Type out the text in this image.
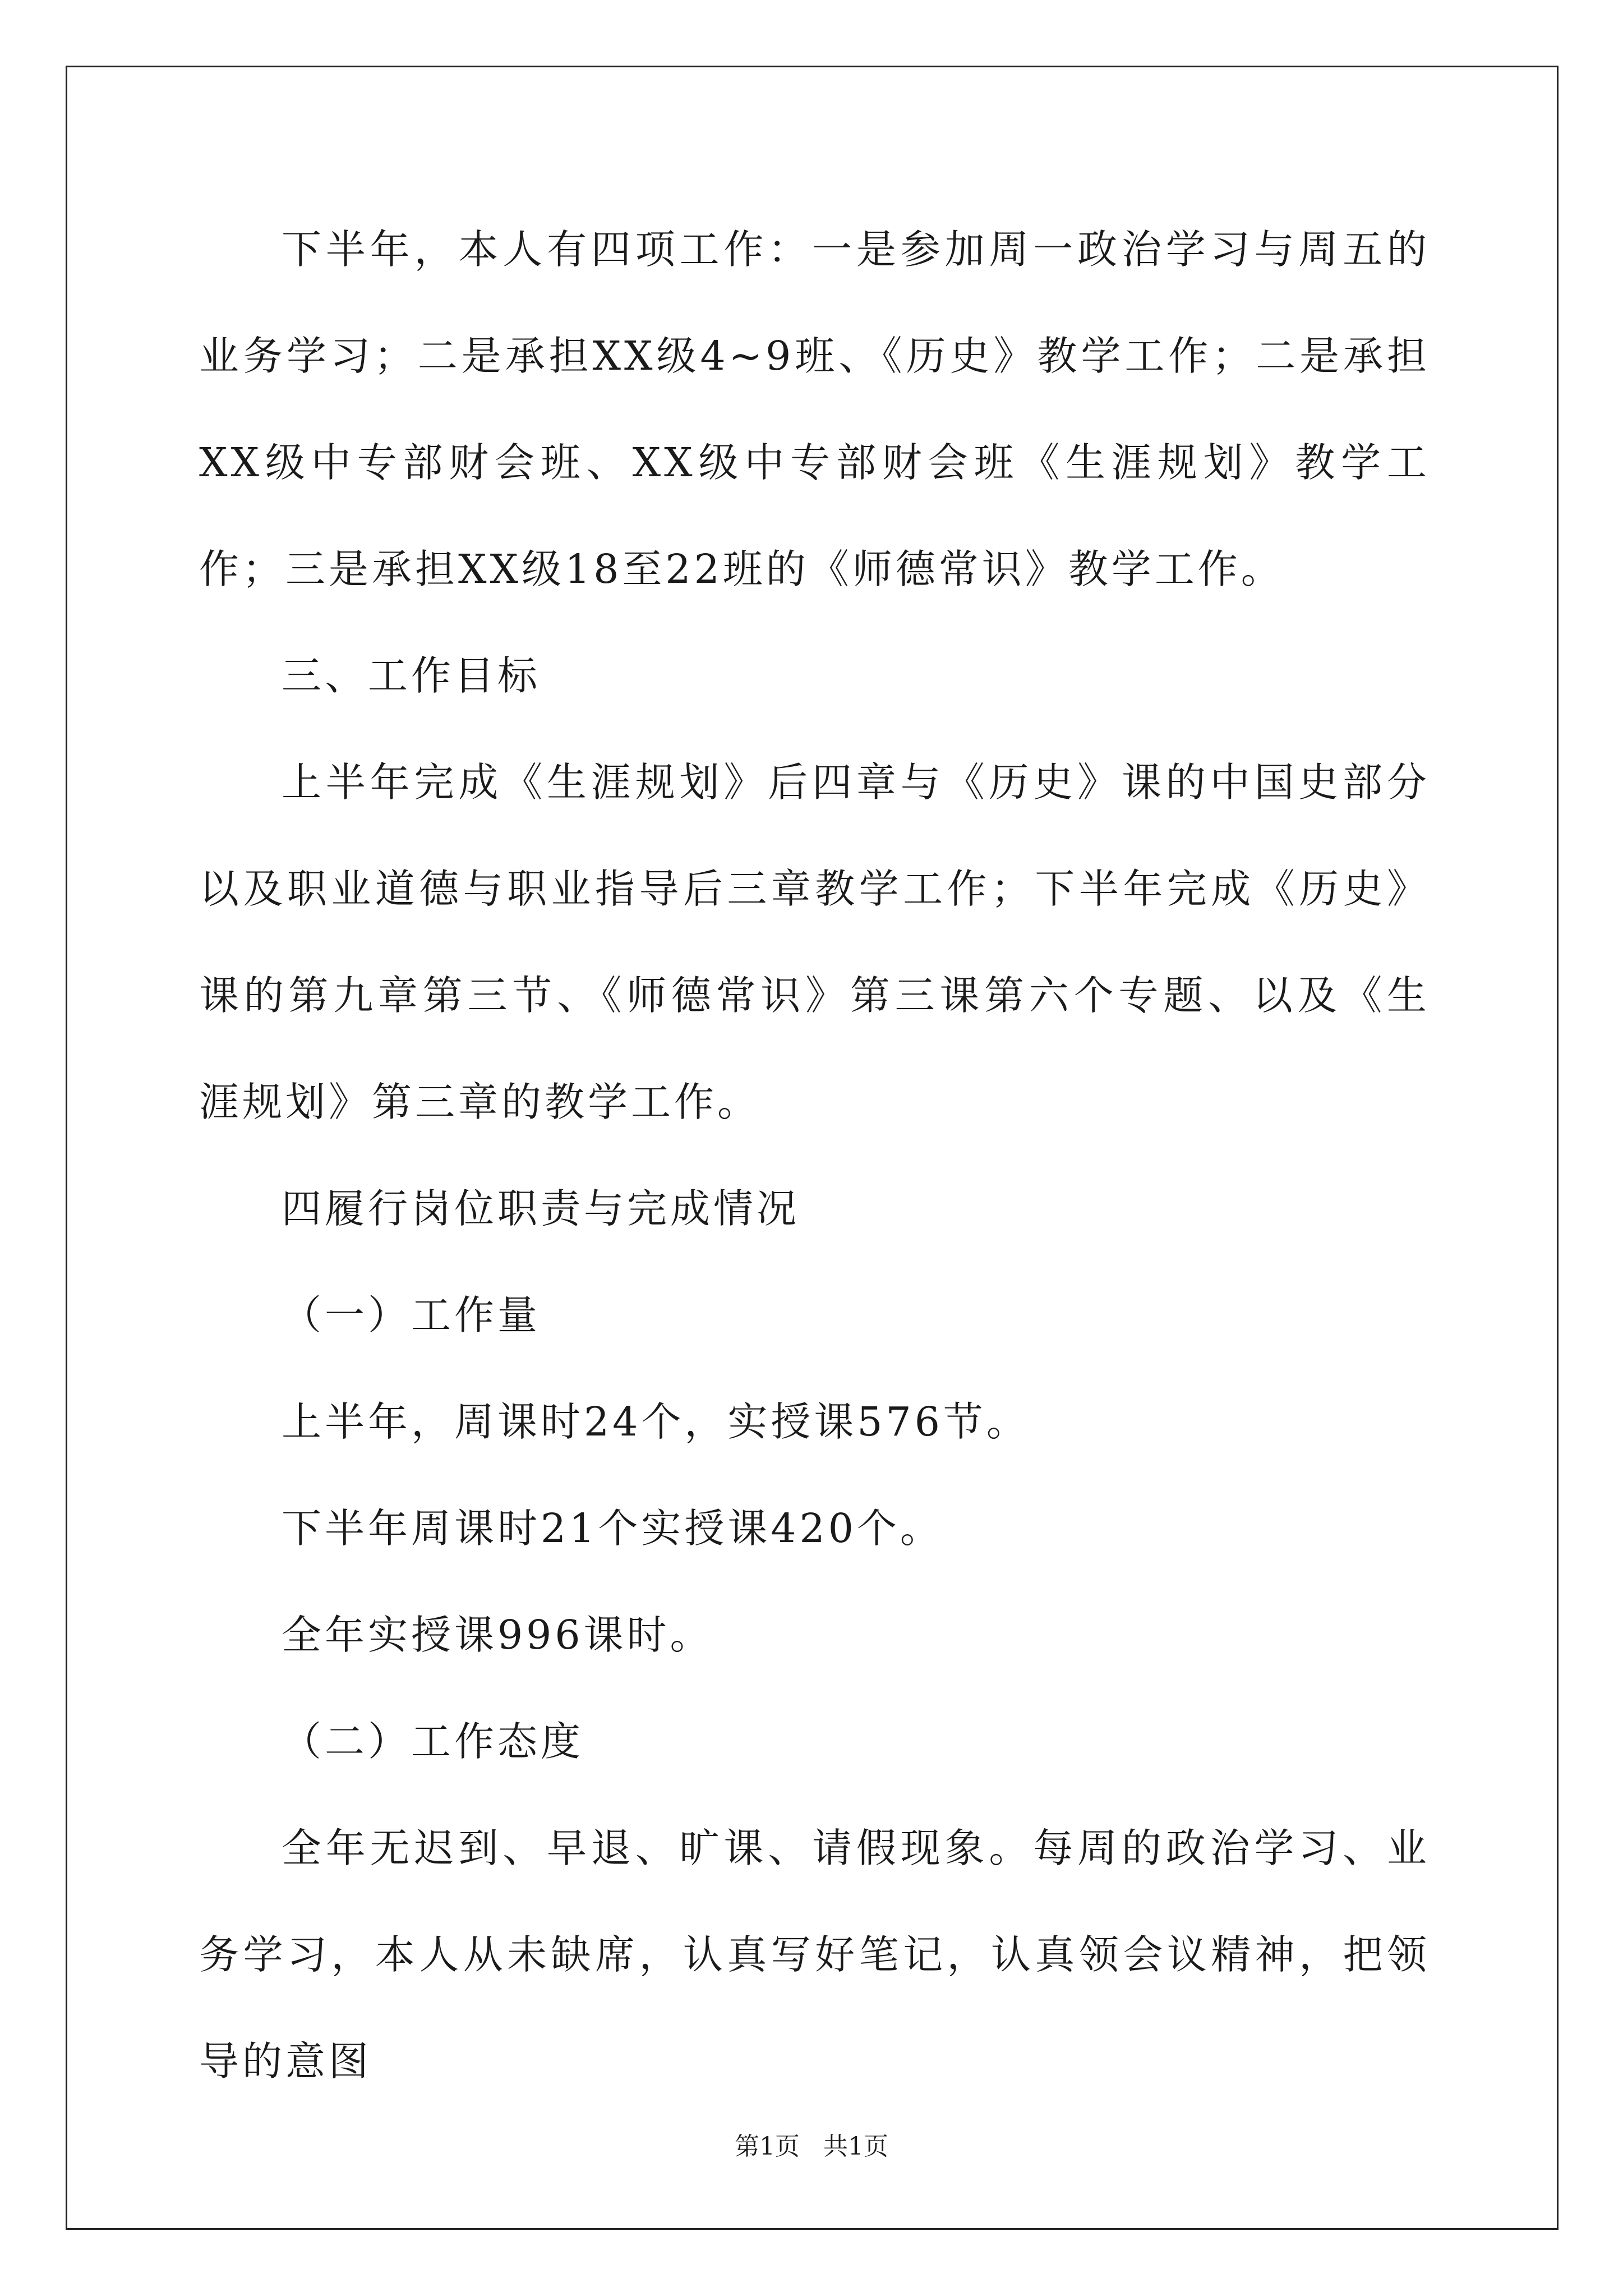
下半年，本人有四项工作：一是参加周一政治学习与周五的业务学习；二是承担XX级4~9班、《历史》教学工作；二是承担XX级中专部财会班、XX级中专部财会班《生涯规划》教学工作；三是承担XX级18至22班的《师德常识》教学工作。

三、工作目标

上半年完成《生涯规划》后四章与《历史》课的中国史部分以及职业道德与职业指导后三章教学工作；下半年完成《历史》课的第九章第三节、《师德常识》第三课第六个专题、以及《生涯规划》第三章的教学工作。

四履行岗位职责与完成情况

（一）工作量

上半年，周课时24个，实授课576节。

下半年周课时21个实授课420个。

全年实授课996课时。

（二）工作态度

全年无迟到、早退、旷课、请假现象。每周的政治学习、业务学习，本人从未缺席，认真写好笔记，认真领会议精神，把领导的意图

第1页   共1页
